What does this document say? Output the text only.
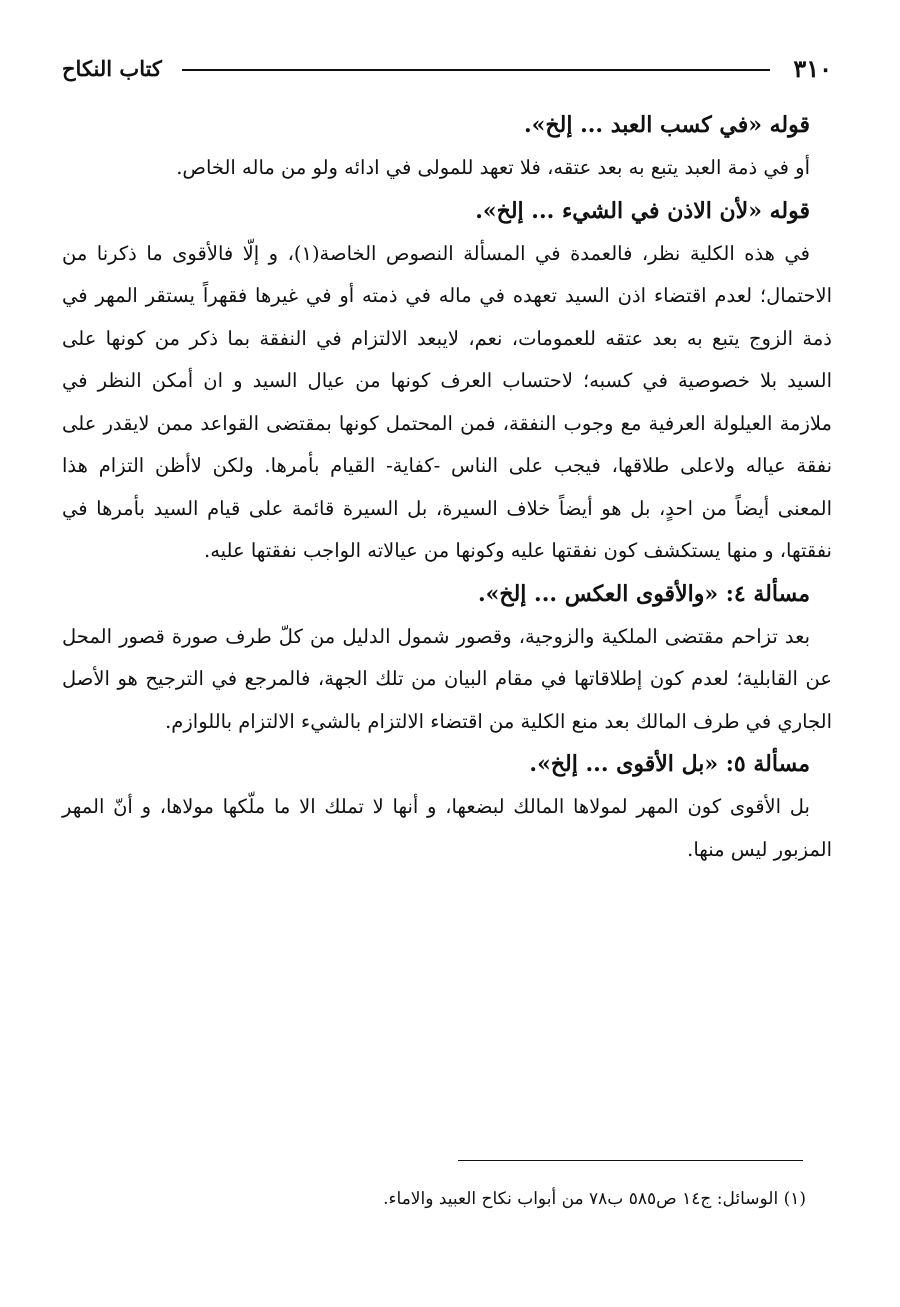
٣١٠
كتاب النكاح

قوله «في كسب العبد ... إلخ».

أو في ذمة العبد يتبع به بعد عتقه، فلا تعهد للمولى في ادائه ولو من ماله الخاص.

قوله «لأن الاذن في الشيء ... إلخ».

في هذه الكلية نظر، فالعمدة في المسألة النصوص الخاصة(١)، و إلّا فالأقوى ما ذكرنا من الاحتمال؛ لعدم اقتضاء اذن السيد تعهده في ماله في ذمته أو في غيرها فقهراً يستقر المهر في ذمة الزوج يتبع به بعد عتقه للعمومات، نعم، لايبعد الالتزام في النفقة بما ذكر من كونها على السيد بلا خصوصية في كسبه؛ لاحتساب العرف كونها من عيال السيد و ان أمكن النظر في ملازمة العيلولة العرفية مع وجوب النفقة، فمن المحتمل كونها بمقتضى القواعد ممن لايقدر على نفقة عياله ولاعلى طلاقها، فيجب على الناس -كفاية- القيام بأمرها. ولكن لاأظن التزام هذا المعنى أيضاً من احدٍ، بل هو أيضاً خلاف السيرة، بل السيرة قائمة على قيام السيد بأمرها في نفقتها، و منها يستكشف كون نفقتها عليه وكونها من عيالاته الواجب نفقتها عليه.

مسألة ٤: «والأقوى العكس ... إلخ».

بعد تزاحم مقتضى الملكية والزوجية، وقصور شمول الدليل من كلّ طرف صورة قصور المحل عن القابلية؛ لعدم كون إطلاقاتها في مقام البيان من تلك الجهة، فالمرجع في الترجيح هو الأصل الجاري في طرف المالك بعد منع الكلية من اقتضاء الالتزام بالشيء الالتزام باللوازم.

مسألة ٥: «بل الأقوى ... إلخ».

بل الأقوى كون المهر لمولاها المالك لبضعها، و أنها لا تملك الا ما ملّكها مولاها، و أنّ المهر المزبور ليس منها.

(١) الوسائل: ج١٤ ص٥٨٥ ب٧٨ من أبواب نكاح العبيد والاماء.
